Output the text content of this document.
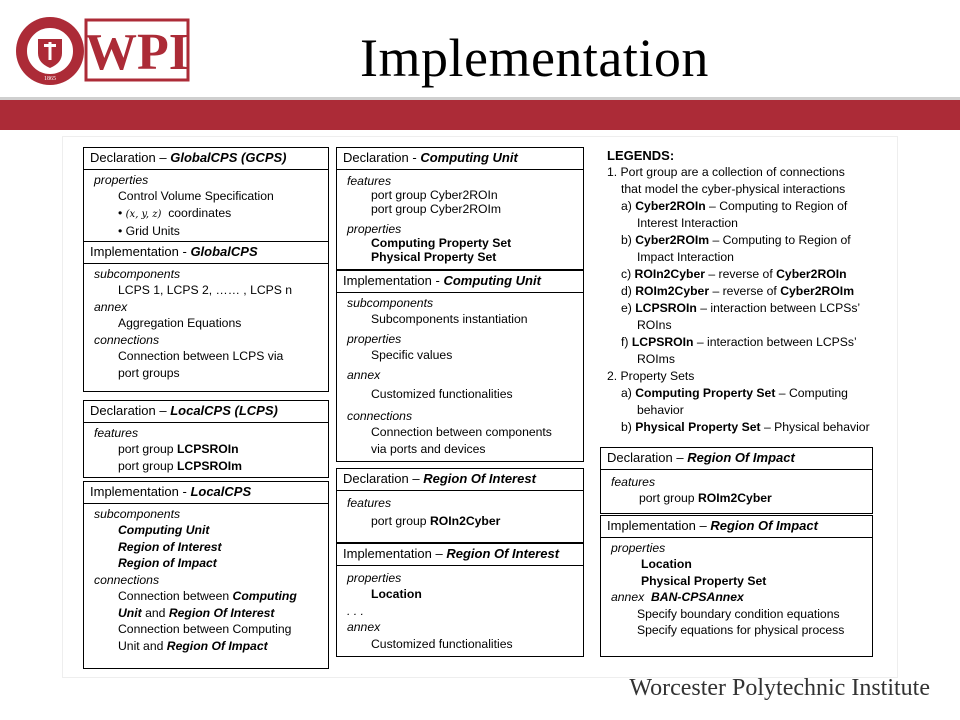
1865 WPI	Implementation
Declaration – GlobalCPS (GCPS)
properties
Control Volume Specification
• (x, y, z) coordinates
• Grid Units
Implementation - GlobalCPS
subcomponents
LCPS 1, LCPS 2, …… , LCPS n
annex
Aggregation Equations
connections
Connection between LCPS via
port groups
Declaration – LocalCPS (LCPS)
features
port group LCPSROIn
port group LCPSROIm
Implementation - LocalCPS
subcomponents
Computing Unit
Region of Interest
Region of Impact
connections
Connection between Computing
Unit and Region Of Interest
Connection between Computing
Unit and Region Of Impact
Declaration - Computing Unit
features
port group Cyber2ROIn
port group Cyber2ROIm
properties
Computing Property Set
Physical Property Set
Implementation - Computing Unit
subcomponents
Subcomponents instantiation
properties
Specific values
annex
Customized functionalities
connections
Connection between components
via ports and devices
Declaration – Region Of Interest
features
port group ROIn2Cyber
Implementation – Region Of Interest
properties
Location
. . .
annex
Customized functionalities
LEGENDS:
1. Port group are a collection of connections
that model the cyber-physical interactions
a) Cyber2ROIn – Computing to Region of
Interest Interaction
b) Cyber2ROIm – Computing to Region of
Impact Interaction
c) ROIn2Cyber – reverse of Cyber2ROIn
d) ROIm2Cyber – reverse of Cyber2ROIm
e) LCPSROIn – interaction between LCPSs’
ROIns
f) LCPSROIn – interaction between LCPSs’
ROIms
2. Property Sets
a) Computing Property Set – Computing
behavior
b) Physical Property Set – Physical behavior
Declaration – Region Of Impact
features
port group ROIm2Cyber
Implementation – Region Of Impact
properties
Location
Physical Property Set
annex BAN-CPSAnnex
Specify boundary condition equations
Specify equations for physical process
Worcester Polytechnic Institute
